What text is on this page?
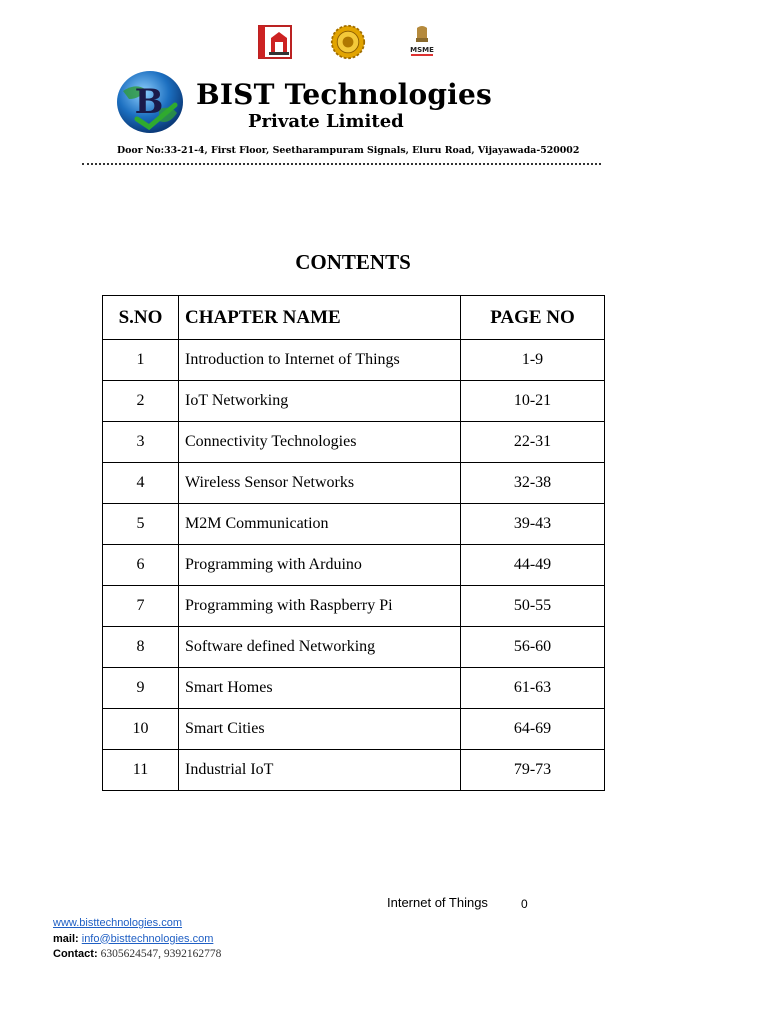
MSME
B BIST Technologies
Private Limited
Door No:33-21-4, First Floor, Seetharampuram Signals, Eluru Road, Vijayawada-520002
CONTENTS
S.NO	CHAPTER NAME	PAGE NO
1	Introduction to Internet of Things	1-9
2	IoT Networking	10-21
3	Connectivity Technologies	22-31
4	Wireless Sensor Networks	32-38
5	M2M Communication	39-43
6	Programming with Arduino	44-49
7	Programming with Raspberry Pi	50-55
8	Software defined Networking	56-60
9	Smart Homes	61-63
10	Smart Cities	64-69
11	Industrial IoT	79-73
Internet of Things	0
www.bisttechnologies.com
mail: info@bisttechnologies.com
Contact: 6305624547, 9392162778
